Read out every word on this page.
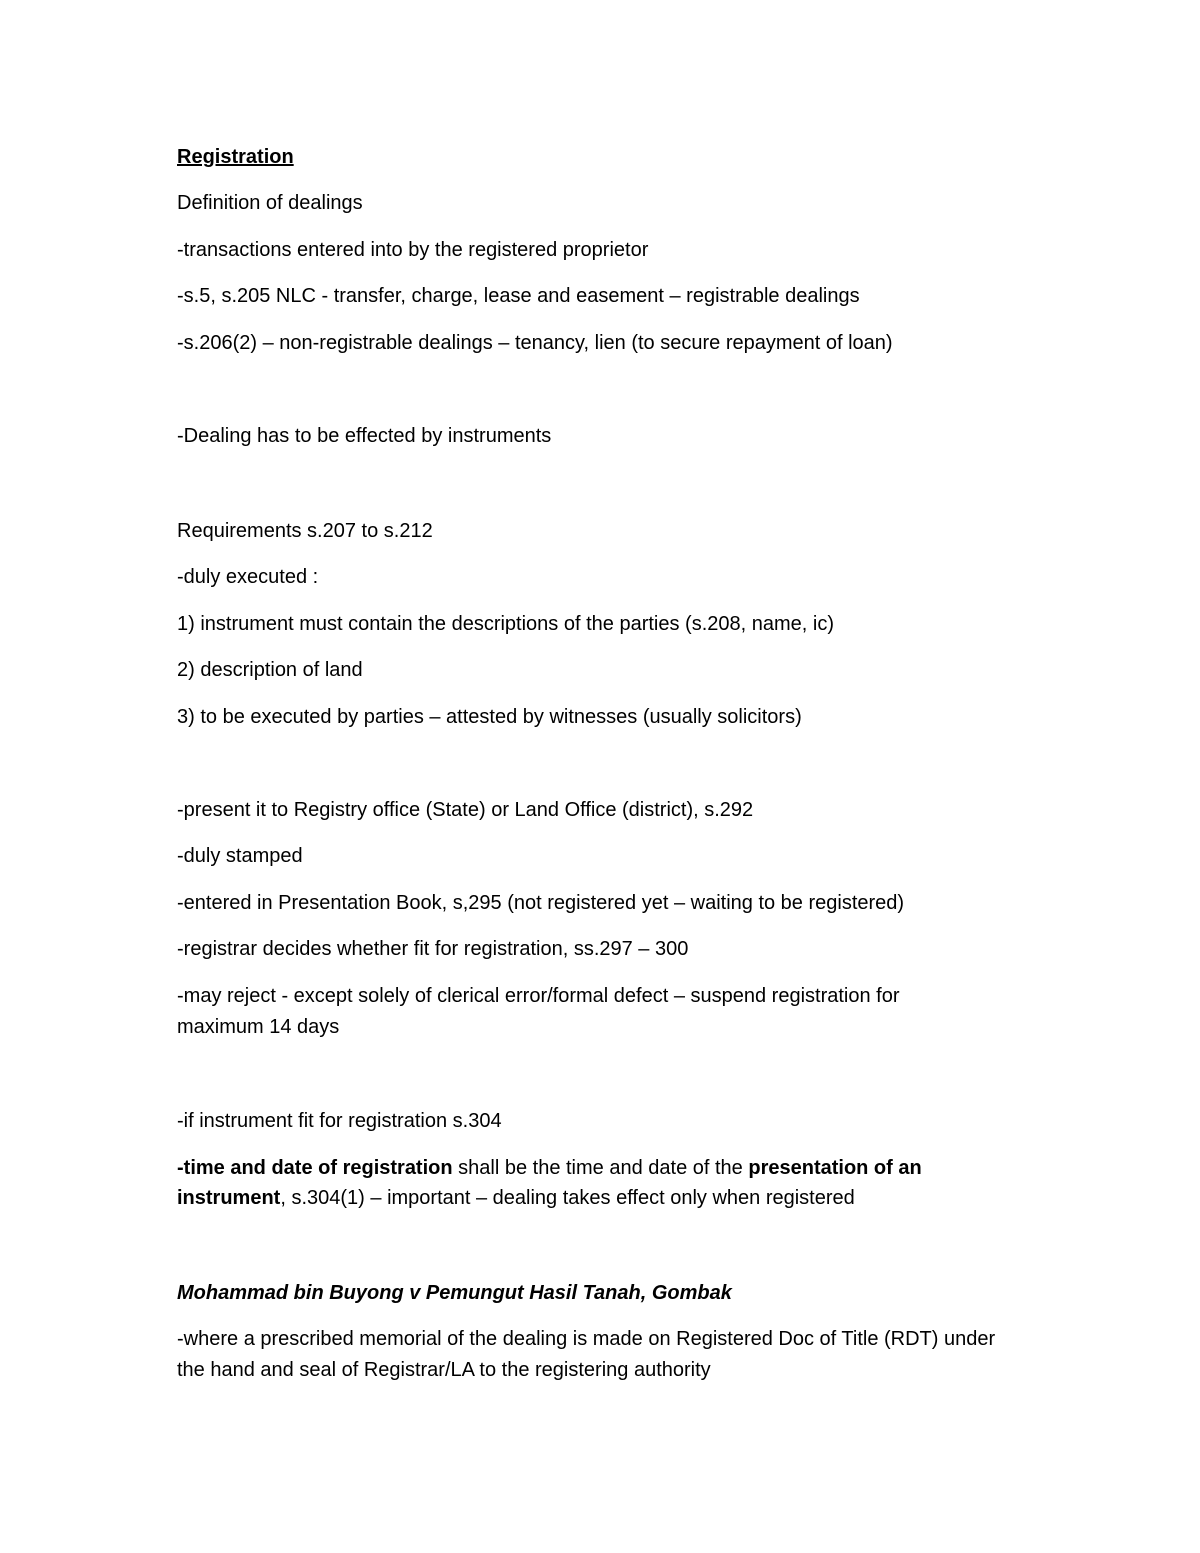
Registration
Definition of dealings
-transactions entered into by the registered proprietor
-s.5, s.205 NLC - transfer, charge, lease and easement – registrable dealings
-s.206(2) – non-registrable dealings – tenancy, lien (to secure repayment of loan)
-Dealing has to be effected by instruments
Requirements s.207 to s.212
-duly executed :
1) instrument must contain the descriptions of the parties (s.208, name, ic)
2) description of land
3) to be executed by parties – attested by witnesses (usually solicitors)
-present it to Registry office (State) or Land Office (district), s.292
-duly stamped
-entered in Presentation Book, s,295 (not registered yet – waiting to be registered)
-registrar decides whether fit for registration, ss.297 – 300
-may reject - except solely of clerical error/formal defect – suspend registration for
maximum 14 days
-if instrument fit for registration s.304
-time and date of registration shall be the time and date of the presentation of an
instrument, s.304(1) – important – dealing takes effect only when registered
Mohammad bin Buyong v Pemungut Hasil Tanah, Gombak
-where a prescribed memorial of the dealing is made on Registered Doc of Title (RDT) under
the hand and seal of Registrar/LA to the registering authority
